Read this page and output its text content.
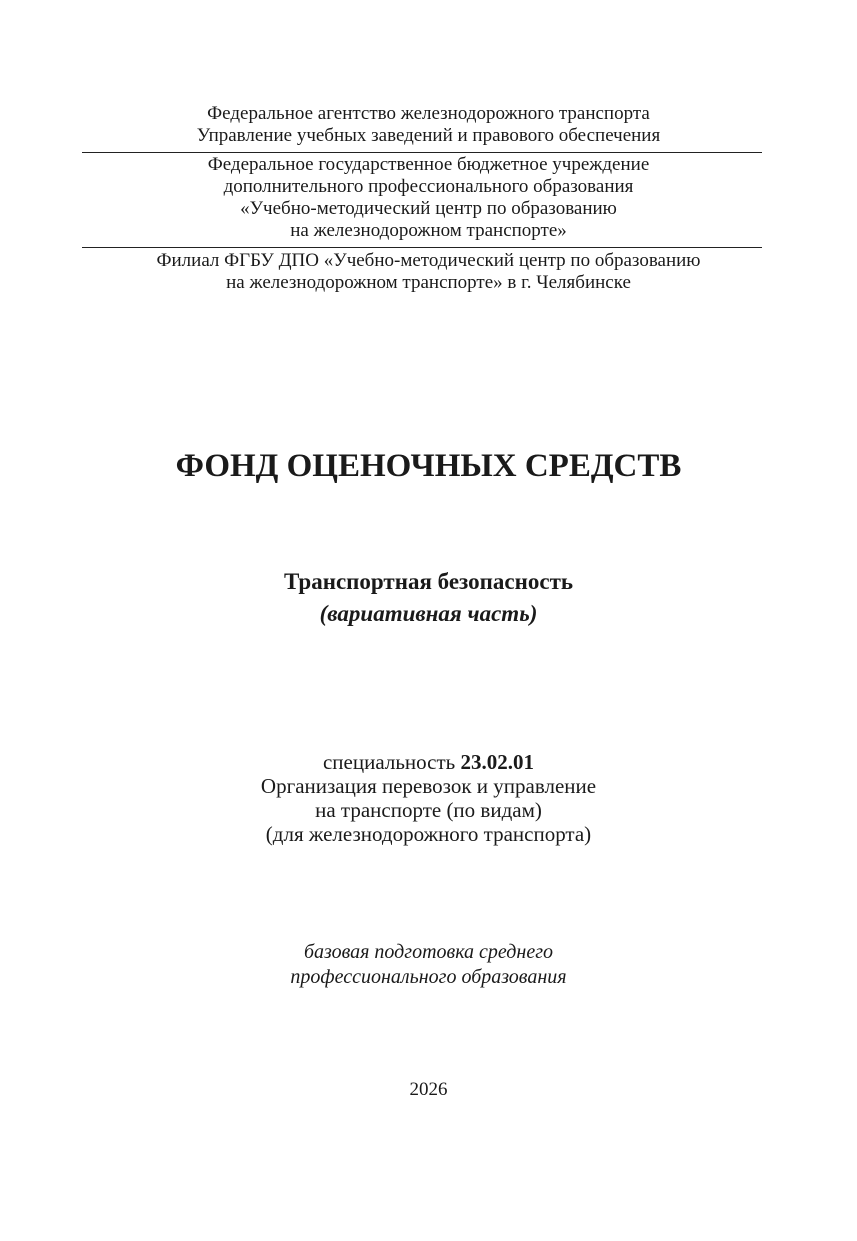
Федеральное агентство железнодорожного транспорта
Управление учебных заведений и правового обеспечения
Федеральное государственное бюджетное учреждение
дополнительного профессионального образования
«Учебно-методический центр по образованию
на железнодорожном транспорте»
Филиал ФГБУ ДПО «Учебно-методический центр по образованию
на железнодорожном транспорте» в г. Челябинске
ФОНД ОЦЕНОЧНЫХ СРЕДСТВ
Транспортная безопасность
(вариативная часть)
специальность 23.02.01
Организация перевозок и управление
на транспорте (по видам)
(для железнодорожного транспорта)
базовая подготовка среднего
профессионального образования
2026
